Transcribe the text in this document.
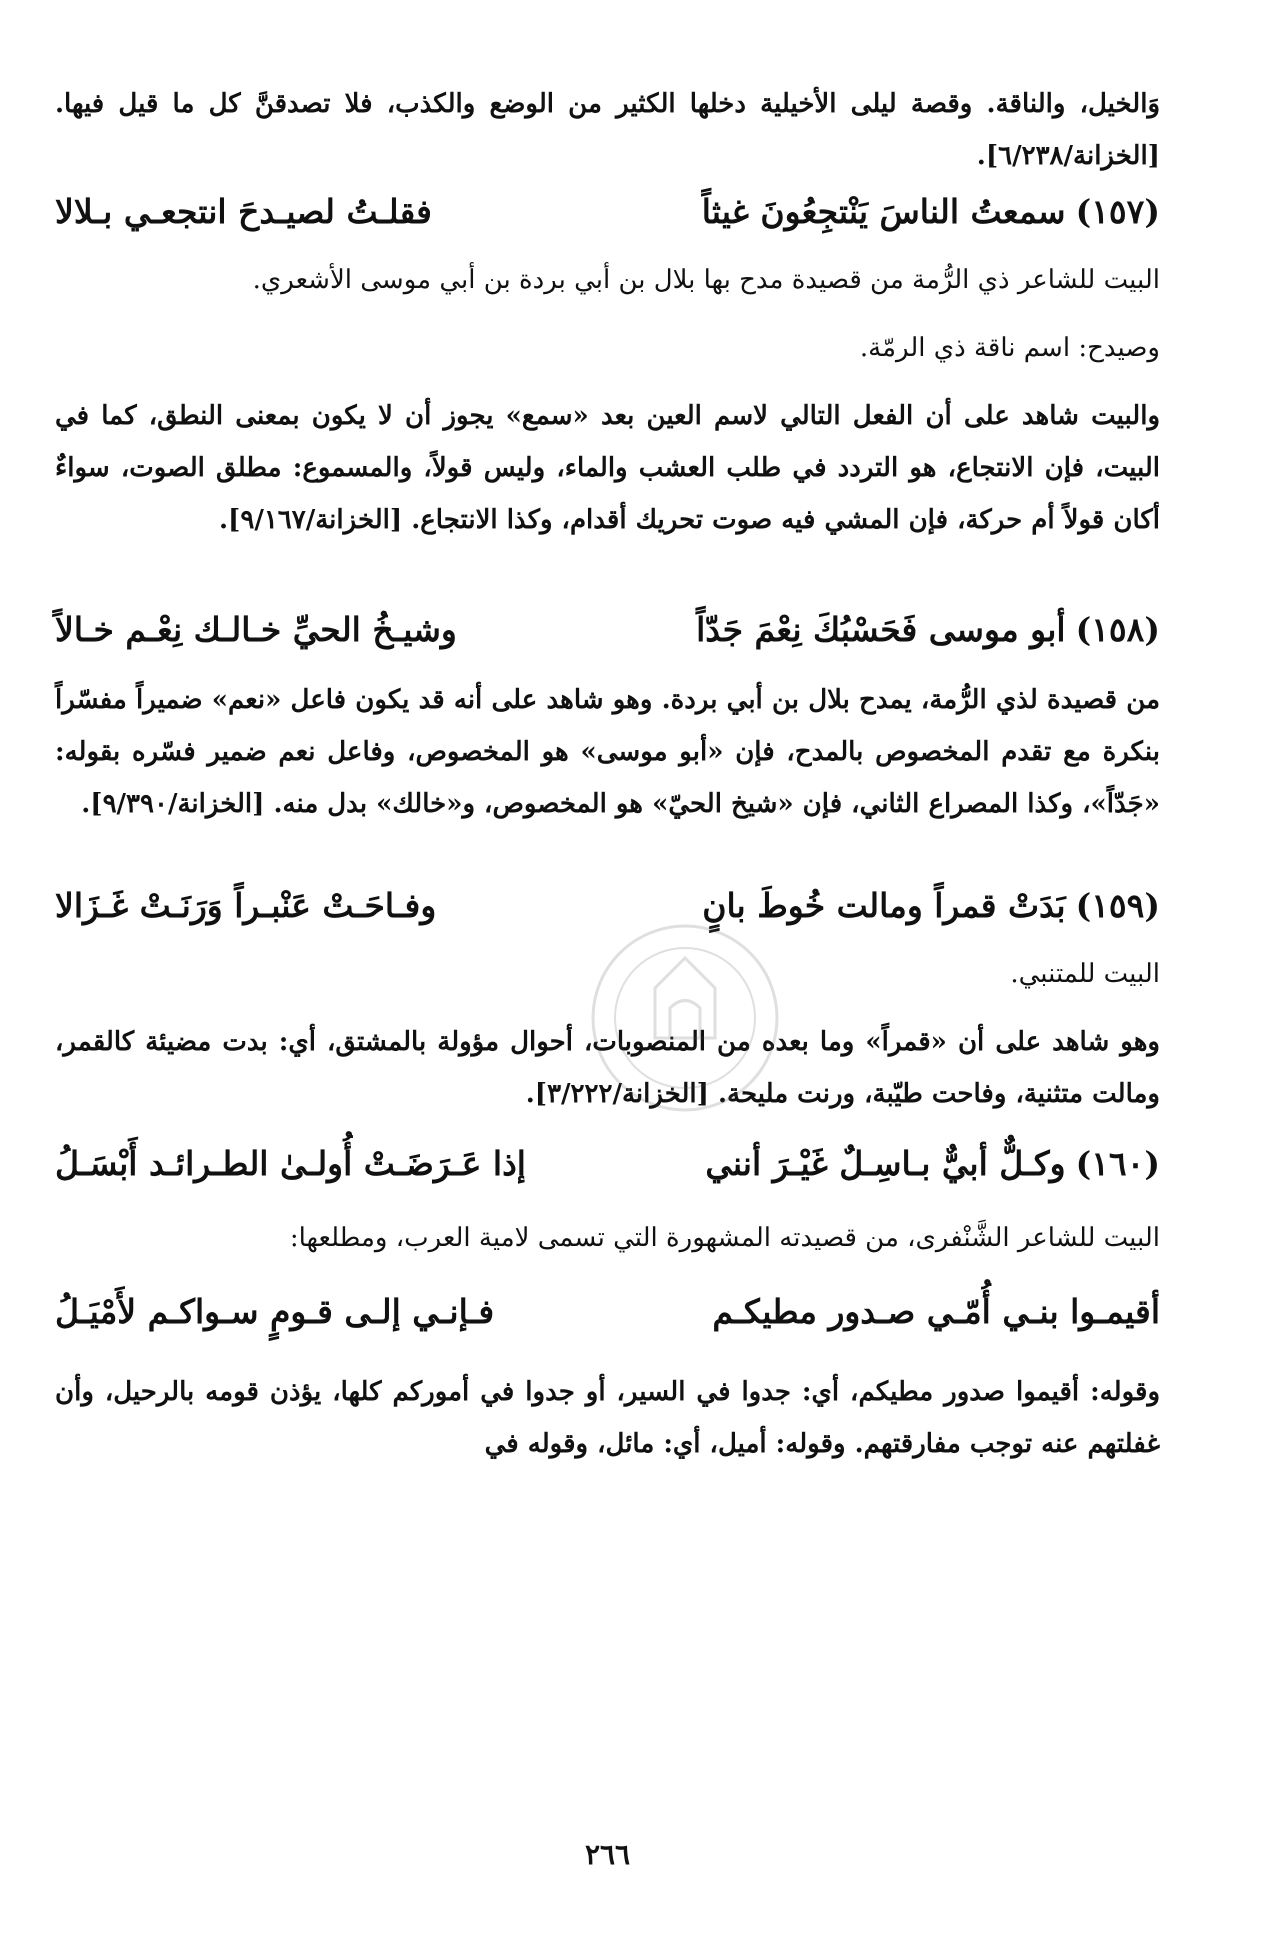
وَالخيل، والناقة. وقصة ليلى الأخيلية دخلها الكثير من الوضع والكذب، فلا تصدقنَّ كل ما قيل فيها. [الخزانة/٦/٢٣٨].

(١٥٧)سمعتُ الناسَ يَنْتجِعُونَ غيثاً
فقلـتُ لصيـدحَ انتجعـي بـلالا

البيت للشاعر ذي الرُّمة من قصيدة مدح بها بلال بن أبي بردة بن أبي موسى الأشعري.

وصيدح: اسم ناقة ذي الرمّة.

والبيت شاهد على أن الفعل التالي لاسم العين بعد «سمع» يجوز أن لا يكون بمعنى النطق، كما في البيت، فإن الانتجاع، هو التردد في طلب العشب والماء، وليس قولاً، والمسموع: مطلق الصوت، سواءٌ أكان قولاً أم حركة، فإن المشي فيه صوت تحريك أقدام، وكذا الانتجاع. [الخزانة/٩/١٦٧].

(١٥٨)أبو موسى فَحَسْبُكَ نِعْمَ جَدّاً
وشيـخُ الحيِّ خـالـك نِعْـم خـالاً

من قصيدة لذي الرُّمة، يمدح بلال بن أبي بردة. وهو شاهد على أنه قد يكون فاعل «نعم» ضميراً مفسّراً بنكرة مع تقدم المخصوص بالمدح، فإن «أبو موسى» هو المخصوص، وفاعل نعم ضمير فسّره بقوله: «جَدّاً»، وكذا المصراع الثاني، فإن «شيخ الحيّ» هو المخصوص، و«خالك» بدل منه. [الخزانة/٩/٣٩٠].

(١٥٩)بَدَتْ قمراً ومالت خُوطَ بانٍ
وفـاحَـتْ عَنْبـراً وَرَنَـتْ غَـزَالا

البيت للمتنبي.

وهو شاهد على أن «قمراً» وما بعده من المنصوبات، أحوال مؤولة بالمشتق، أي: بدت مضيئة كالقمر، ومالت متثنية، وفاحت طيّبة، ورنت مليحة. [الخزانة/٣/٢٢٢].

(١٦٠)وكـلٌّ أبيٌّ بـاسِـلٌ غَيْـرَ أنني
إذا عَـرَضَـتْ أُولـىٰ الطـرائـد أَبْسَـلُ

البيت للشاعر الشَّنْفرى، من قصيدته المشهورة التي تسمى لامية العرب، ومطلعها:

أقيمـوا بنـي أُمّـي صـدور مطيكـم
فـإنـي إلـى قـومٍ سـواكـم لأَمْيَـلُ

وقوله: أقيموا صدور مطيكم، أي: جدوا في السير، أو جدوا في أموركم كلها، يؤذن قومه بالرحيل، وأن غفلتهم عنه توجب مفارقتهم. وقوله: أميل، أي: مائل، وقوله في

٢٦٦
